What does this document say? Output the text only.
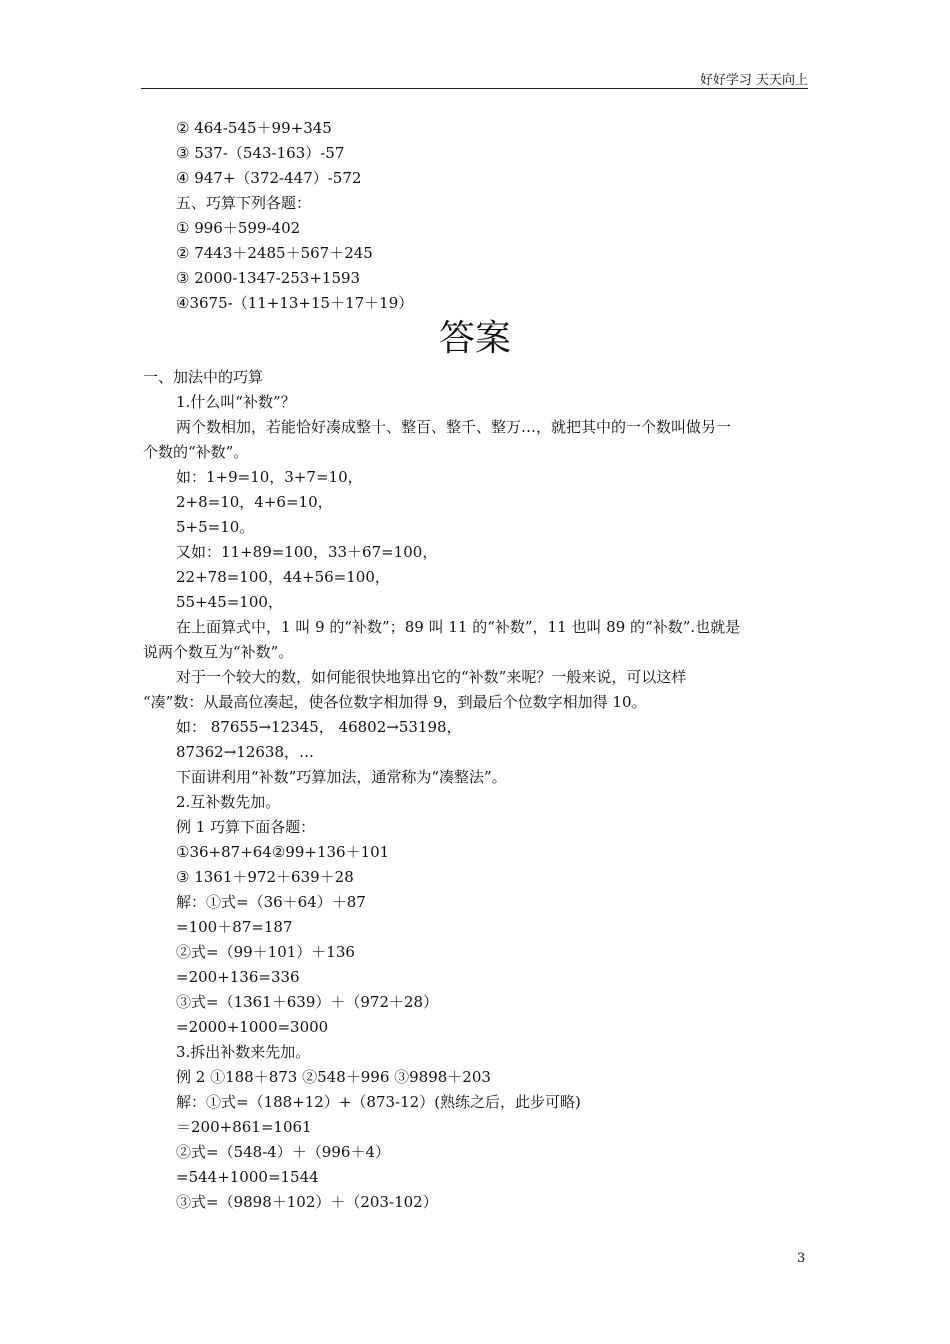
好好学习 天天向上
② 464-545＋99+345
③ 537-（543-163）-57
④ 947+（372-447）-572
五、巧算下列各题：
① 996＋599-402
② 7443＋2485＋567＋245
③ 2000-1347-253+1593
④3675-（11+13+15＋17＋19）
答案
一、加法中的巧算
1.什么叫“补数”？
两个数相加，若能恰好凑成整十、整百、整千、整万…，就把其中的一个数叫做另一
个数的“补数”。
如：1+9=10，3+7=10，
2+8=10，4+6=10，
5+5=10。
又如：11+89=100，33＋67=100，
22+78=100，44+56=100，
55+45=100，
在上面算式中，1 叫 9 的“补数”；89 叫 11 的“补数”，11 也叫 89 的“补数”.也就是
说两个数互为“补数”。
对于一个较大的数，如何能很快地算出它的“补数”来呢？一般来说，可以这样
“凑”数：从最高位凑起，使各位数字相加得 9，到最后个位数字相加得 10。
如： 87655→12345， 46802→53198，
87362→12638，…
下面讲利用“补数”巧算加法，通常称为“凑整法”。
2.互补数先加。
例 1 巧算下面各题：
①36+87+64②99+136＋101
③ 1361＋972＋639＋28
解：①式=（36＋64）＋87
=100＋87=187
②式=（99＋101）＋136
=200+136=336
③式=（1361＋639）＋（972＋28）
=2000+1000=3000
3.拆出补数来先加。
例 2 ①188＋873 ②548＋996 ③9898＋203
解：①式=（188+12）+（873-12）(熟练之后，此步可略)
＝200+861=1061
②式=（548-4）＋（996＋4）
=544+1000=1544
③式=（9898＋102）＋（203-102）
3
